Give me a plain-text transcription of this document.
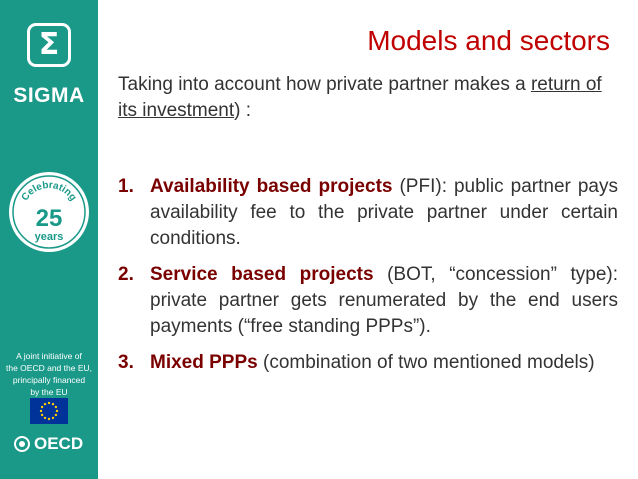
Σ
SIGMA
Celebrating
25
years
A joint initiative of
the OECD and the EU,
principally financed
by the EU
OECD
Models and sectors
Taking into account how private partner makes a return of its investment) :
1. Availability based projects (PFI): public partner pays availability fee to the private partner under certain conditions.
2. Service based projects (BOT, “concession” type): private partner gets renumerated by the end users payments (“free standing PPPs”).
3. Mixed PPPs (combination of two mentioned models)
